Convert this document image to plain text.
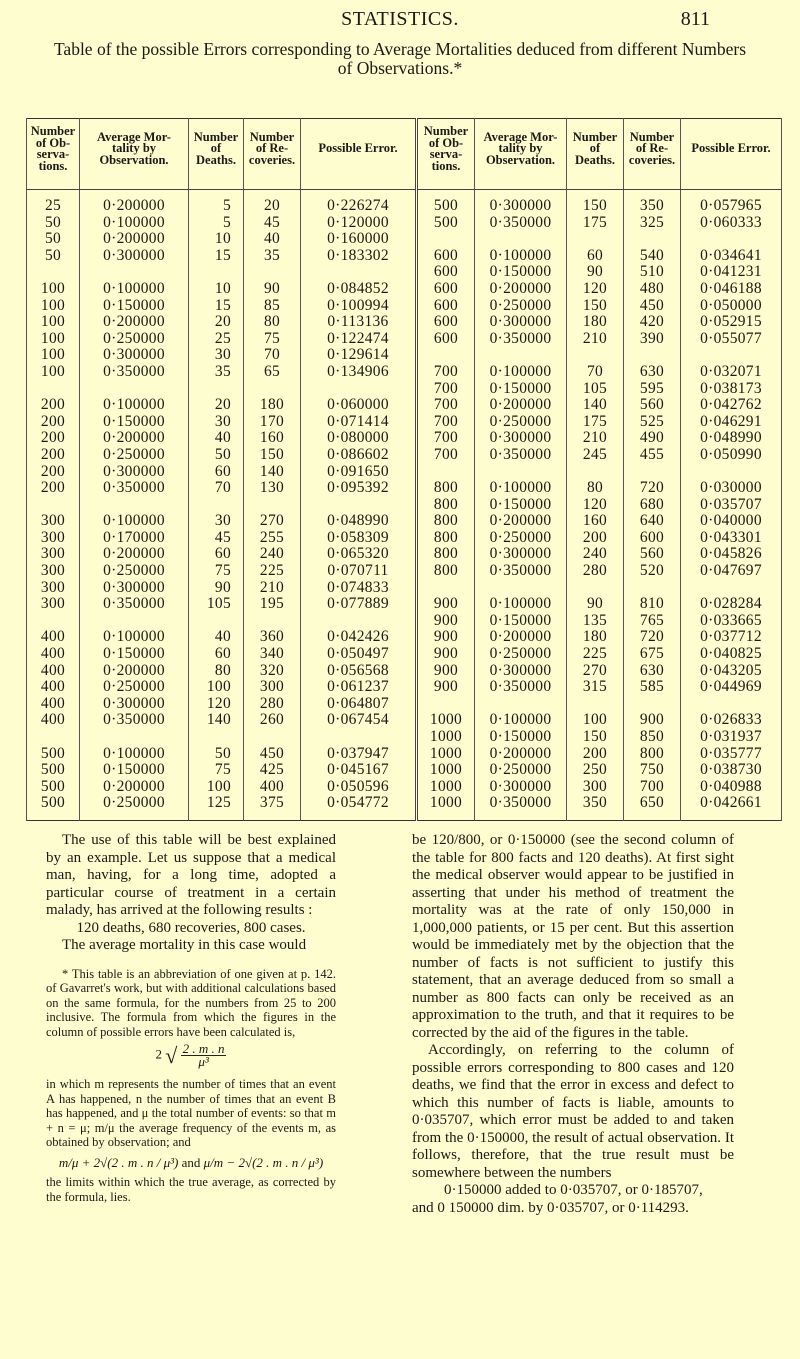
STATISTICS.	811
Table of the possible Errors corresponding to Average Mortalities deduced from different Numbers
of Observations.*
Number
of Ob-
serva-
tions.	Average Mor-
tality by
Observation.	Number
of
Deaths.	Number
of Re-
coveries.	Possible Error.	Number
of Ob-
serva-
tions.	Average Mor-
tality by
Observation.	Number
of
Deaths.	Number
of Re-
coveries.	Possible Error.
25	0·200000	5	20	0·226274	500	0·300000	150	350	0·057965
50	0·100000	5	45	0·120000	500	0·350000	175	325	0·060333
50	0·200000	10	40	0·160000					
50	0·300000	15	35	0·183302	600	0·100000	60	540	0·034641
					600	0·150000	90	510	0·041231
100	0·100000	10	90	0·084852	600	0·200000	120	480	0·046188
100	0·150000	15	85	0·100994	600	0·250000	150	450	0·050000
100	0·200000	20	80	0·113136	600	0·300000	180	420	0·052915
100	0·250000	25	75	0·122474	600	0·350000	210	390	0·055077
100	0·300000	30	70	0·129614					
100	0·350000	35	65	0·134906	700	0·100000	70	630	0·032071
					700	0·150000	105	595	0·038173
200	0·100000	20	180	0·060000	700	0·200000	140	560	0·042762
200	0·150000	30	170	0·071414	700	0·250000	175	525	0·046291
200	0·200000	40	160	0·080000	700	0·300000	210	490	0·048990
200	0·250000	50	150	0·086602	700	0·350000	245	455	0·050990
200	0·300000	60	140	0·091650					
200	0·350000	70	130	0·095392	800	0·100000	80	720	0·030000
					800	0·150000	120	680	0·035707
300	0·100000	30	270	0·048990	800	0·200000	160	640	0·040000
300	0·170000	45	255	0·058309	800	0·250000	200	600	0·043301
300	0·200000	60	240	0·065320	800	0·300000	240	560	0·045826
300	0·250000	75	225	0·070711	800	0·350000	280	520	0·047697
300	0·300000	90	210	0·074833					
300	0·350000	105	195	0·077889	900	0·100000	90	810	0·028284
					900	0·150000	135	765	0·033665
400	0·100000	40	360	0·042426	900	0·200000	180	720	0·037712
400	0·150000	60	340	0·050497	900	0·250000	225	675	0·040825
400	0·200000	80	320	0·056568	900	0·300000	270	630	0·043205
400	0·250000	100	300	0·061237	900	0·350000	315	585	0·044969
400	0·300000	120	280	0·064807					
400	0·350000	140	260	0·067454	1000	0·100000	100	900	0·026833
					1000	0·150000	150	850	0·031937
500	0·100000	50	450	0·037947	1000	0·200000	200	800	0·035777
500	0·150000	75	425	0·045167	1000	0·250000	250	750	0·038730
500	0·200000	100	400	0·050596	1000	0·300000	300	700	0·040988
500	0·250000	125	375	0·054772	1000	0·350000	350	650	0·042661

The use of this table will be best explained by an example. Let us suppose that a medical man, having, for a long time, adopted a particular course of treatment in a certain malady, has arrived at the following results :

120 deaths, 680 recoveries, 800 cases.

The average mortality in this case would

* This table is an abbreviation of one given at p. 142. of Gavarret's work, but with additional calculations based on the same formula, for the numbers from 25 to 200 inclusive. The formula from which the figures in the column of possible errors have been calculated is,

2 √ $\frac{2 . m . n}{\text{μ³}}$

in which m represents the number of times that an event A has happened, n the number of times that an event B has happened, and μ the total number of events: so that m + n = μ; m/μ the average frequency of the events m, as obtained by observation; and

m/μ + 2√(2 . m . n / μ³) and μ/m − 2√(2 . m . n / μ³)

the limits within which the true average, as corrected by the formula, lies.

be 120/800, or 0·150000 (see the second column of the table for 800 facts and 120 deaths). At first sight the medical observer would appear to be justified in asserting that under his method of treatment the mortality was at the rate of only 150,000 in 1,000,000 patients, or 15 per cent. But this assertion would be immediately met by the objection that the number of facts is not sufficient to justify this statement, that an average deduced from so small a number as 800 facts can only be received as an approximation to the truth, and that it requires to be corrected by the aid of the figures in the table.

Accordingly, on referring to the column of possible errors corresponding to 800 cases and 120 deaths, we find that the error in excess and defect to which this number of facts is liable, amounts to 0·035707, which error must be added to and taken from the 0·150000, the result of actual observation. It follows, therefore, that the true result must be somewhere between the numbers

0·150000 added to 0·035707, or 0·185707,

and 0 150000 dim. by 0·035707, or 0·114293.
